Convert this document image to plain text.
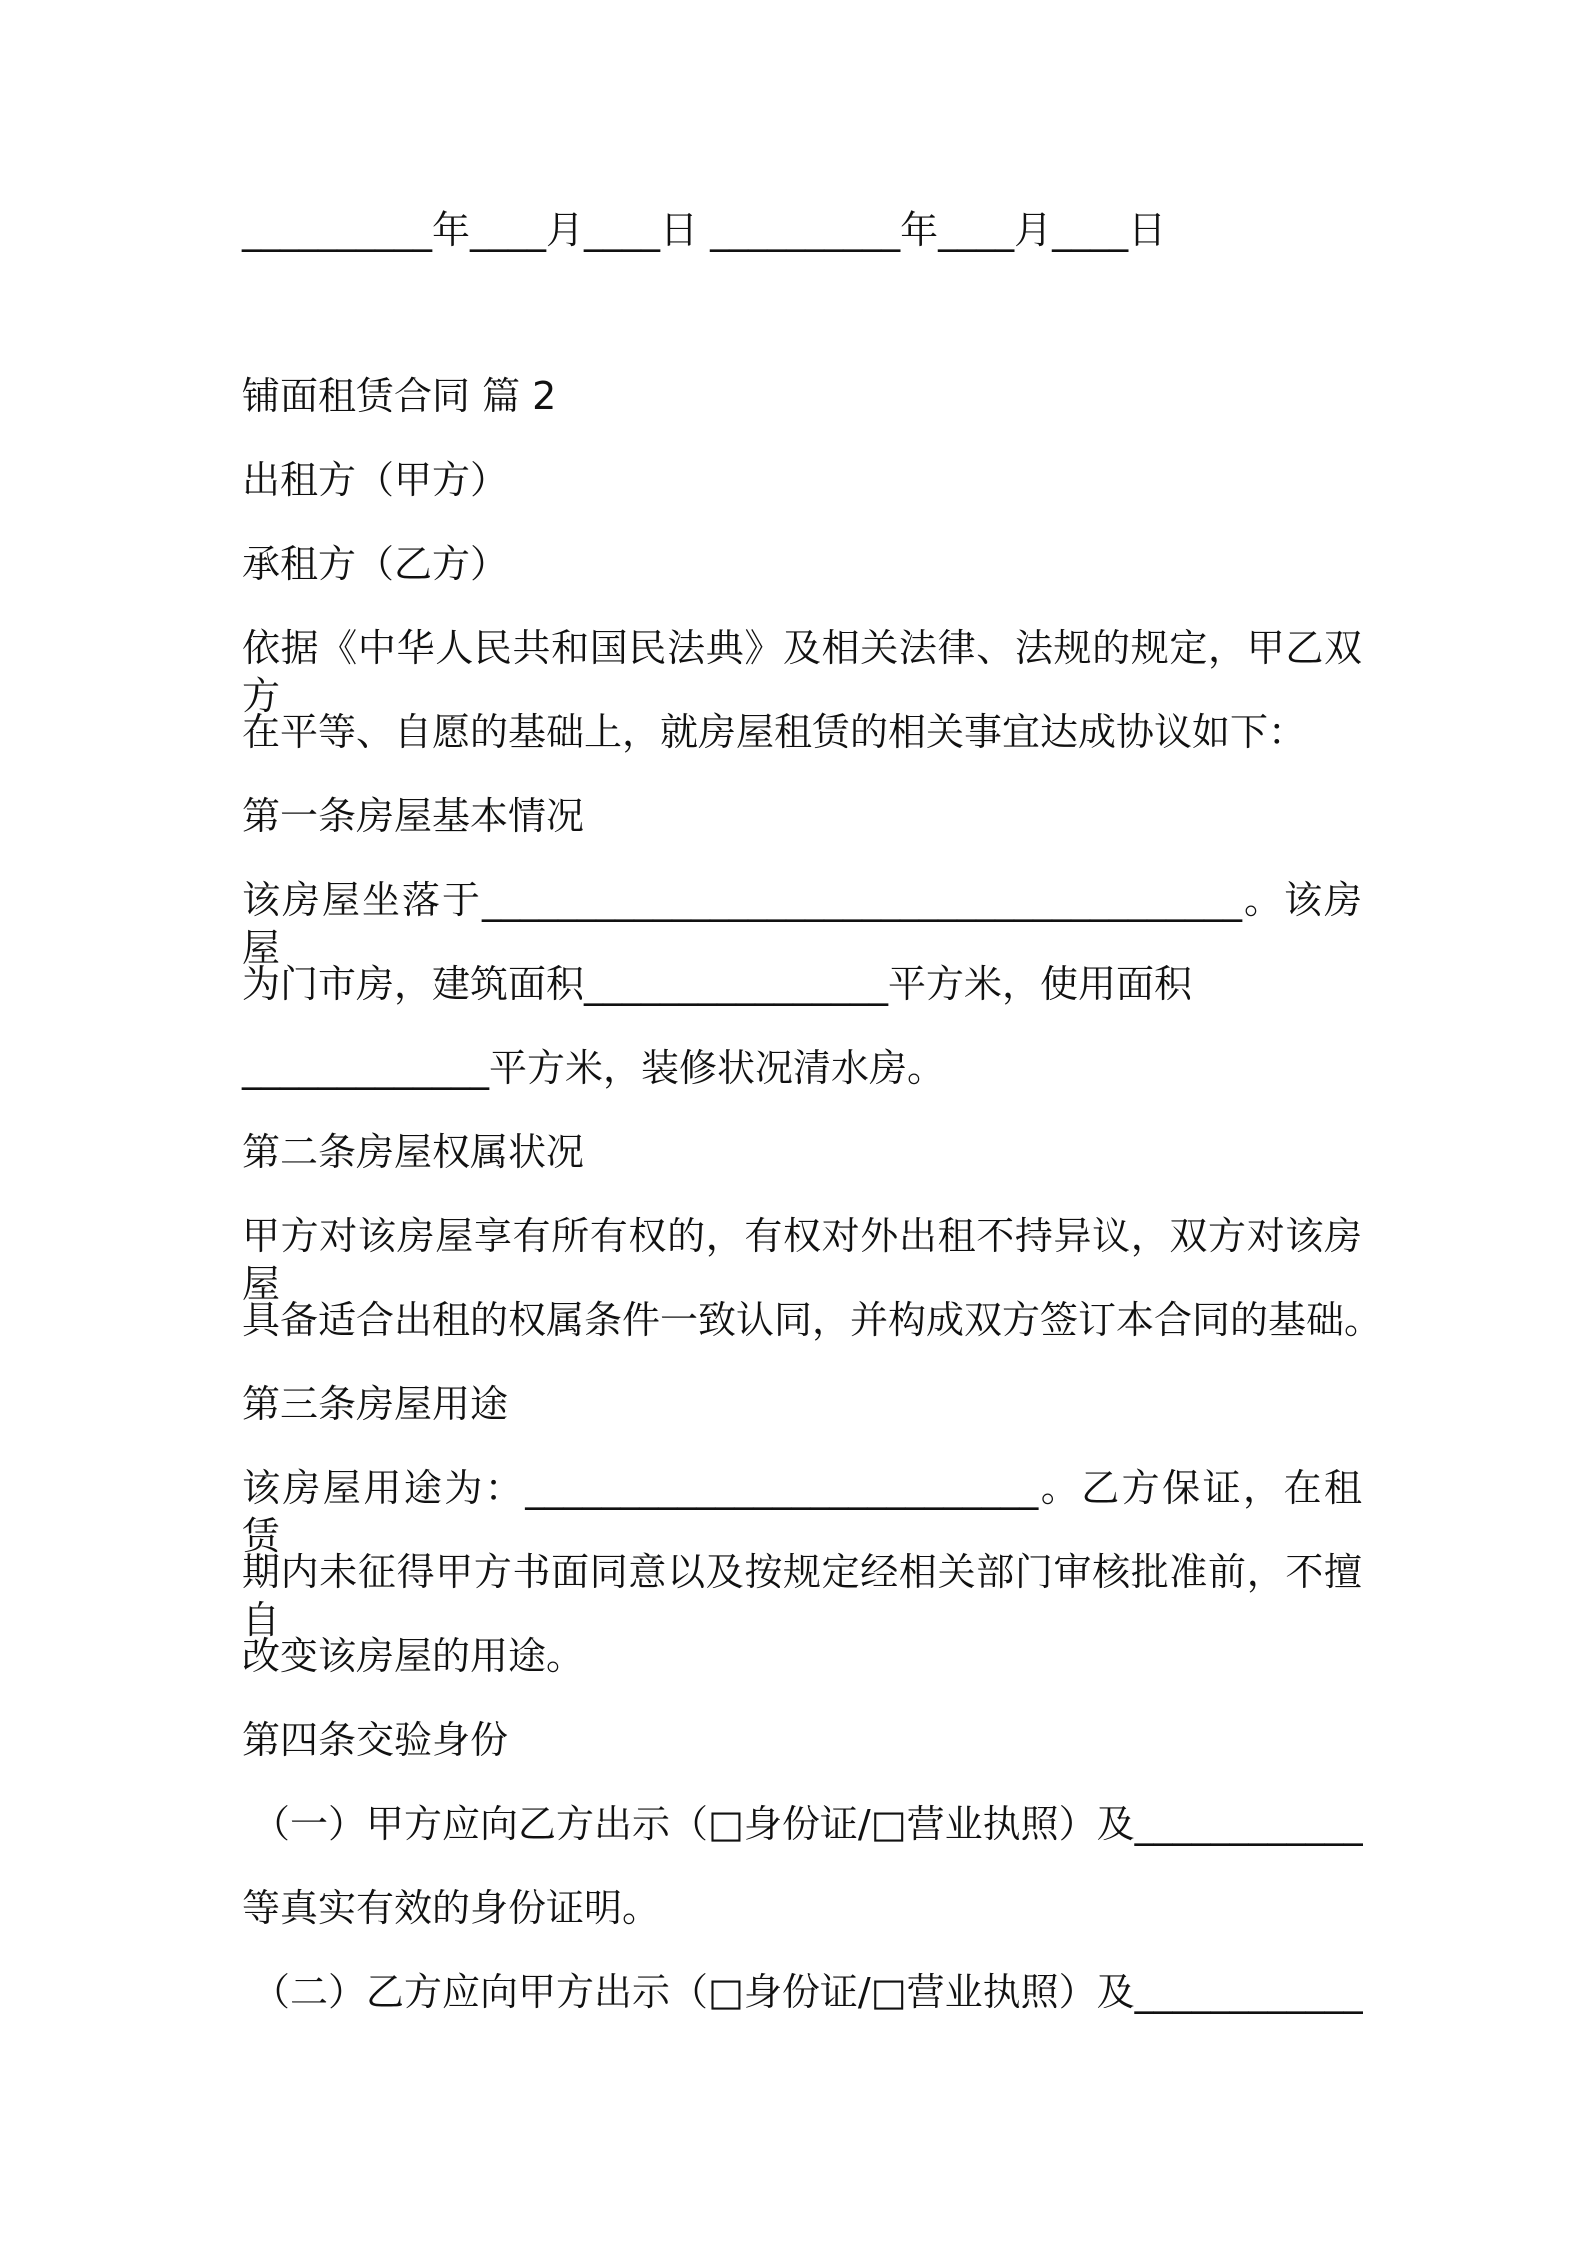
__________年____月____日 __________年____月____日
铺面租赁合同 篇 2
出租方（甲方）
承租方（乙方）
依据《中华人民共和国民法典》及相关法律、法规的规定，甲乙双方
在平等、自愿的基础上，就房屋租赁的相关事宜达成协议如下：
第一条房屋基本情况
该房屋坐落于________________________________________。该房屋
为门市房，建筑面积________________平方米，使用面积
_____________平方米，装修状况清水房。
第二条房屋权属状况
甲方对该房屋享有所有权的，有权对外出租不持异议，双方对该房屋
具备适合出租的权属条件一致认同，并构成双方签订本合同的基础。
第三条房屋用途
该房屋用途为：___________________________。乙方保证，在租赁
期内未征得甲方书面同意以及按规定经相关部门审核批准前，不擅自
改变该房屋的用途。
第四条交验身份
（一）甲方应向乙方出示（□身份证/□营业执照）及____________
等真实有效的身份证明。
（二）乙方应向甲方出示（□身份证/□营业执照）及____________
